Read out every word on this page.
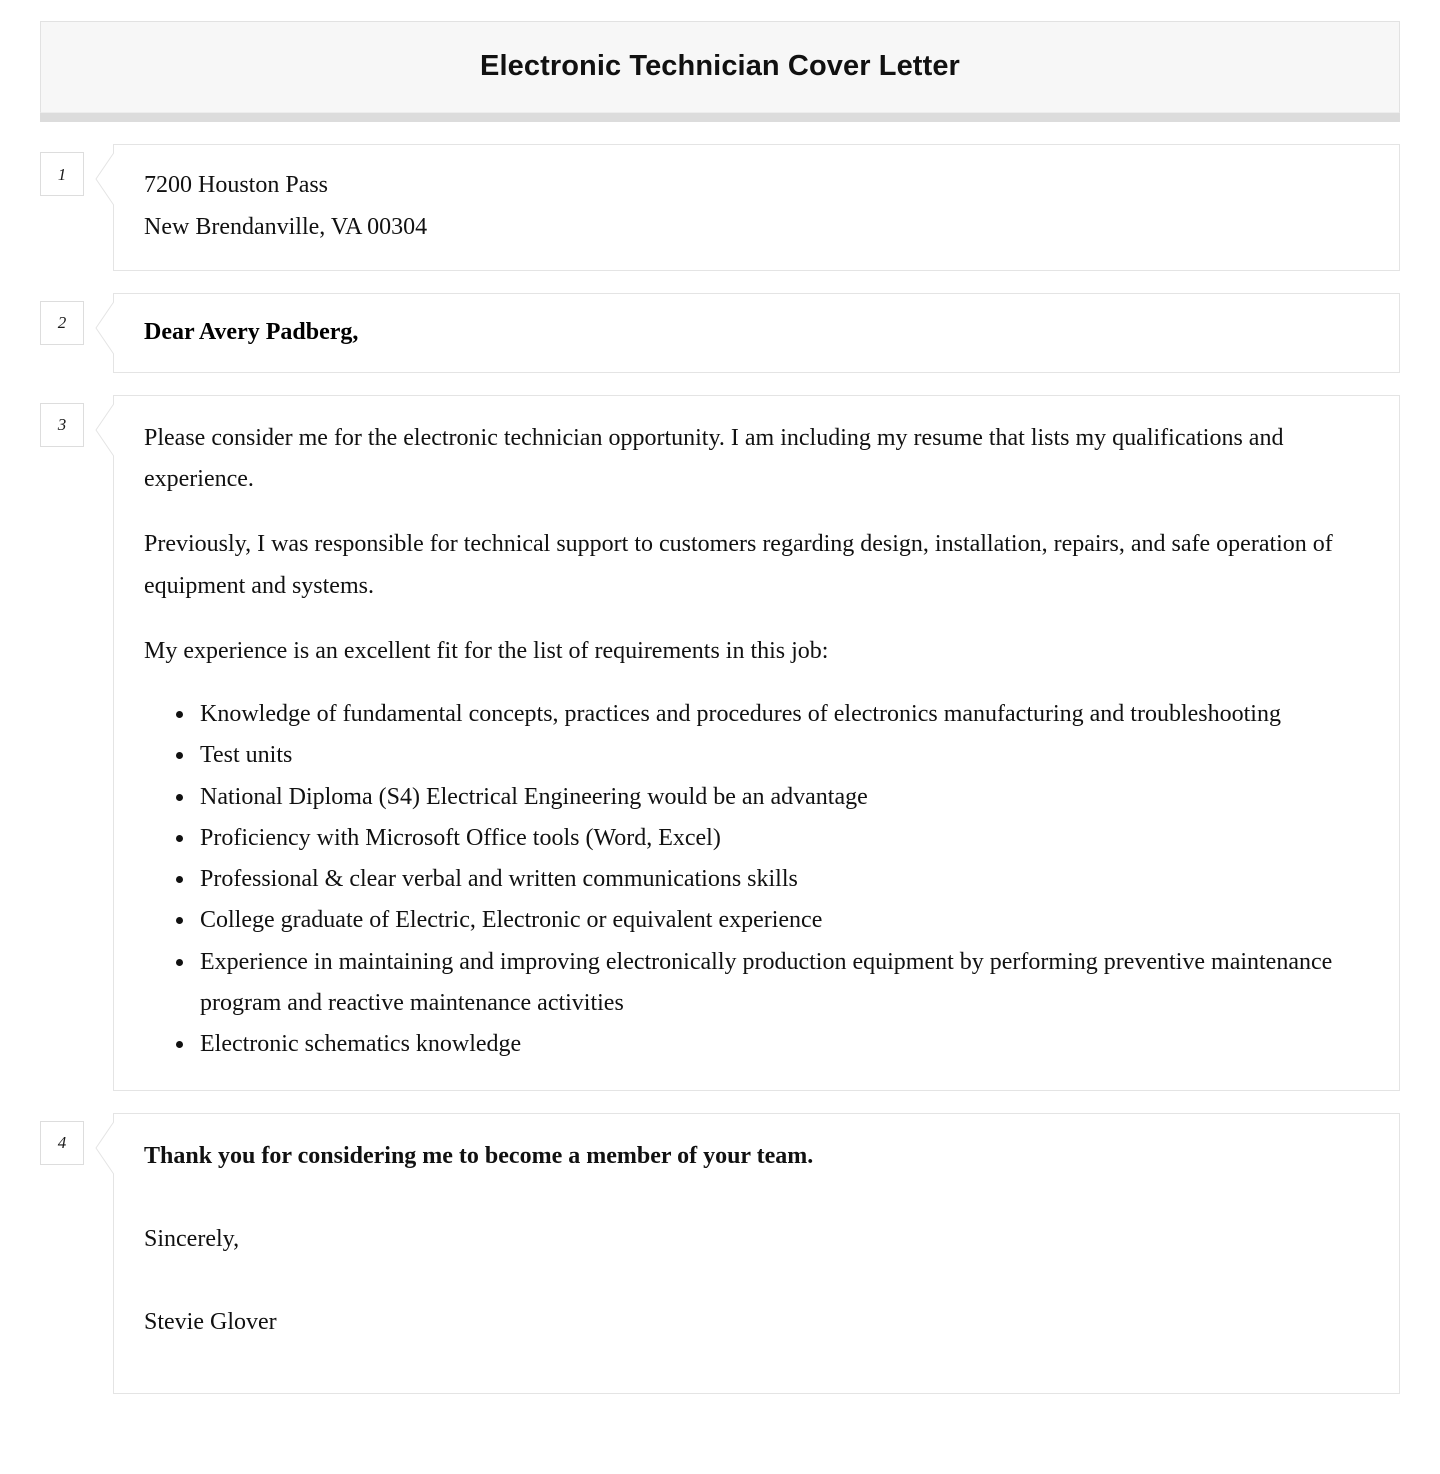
Electronic Technician Cover Letter
1	7200 Houston Pass
New Brendanville, VA 00304
2	Dear Avery Padberg,
3	Please consider me for the electronic technician opportunity. I am including my resume that lists my qualifications and experience.

Previously, I was responsible for technical support to customers regarding design, installation, repairs, and safe operation of equipment and systems.

My experience is an excellent fit for the list of requirements in this job:

• Knowledge of fundamental concepts, practices and procedures of electronics manufacturing and troubleshooting
• Test units
• National Diploma (S4) Electrical Engineering would be an advantage
• Proficiency with Microsoft Office tools (Word, Excel)
• Professional & clear verbal and written communications skills
• College graduate of Electric, Electronic or equivalent experience
• Experience in maintaining and improving electronically production equipment by performing preventive maintenance program and reactive maintenance activities
• Electronic schematics knowledge
4	Thank you for considering me to become a member of your team.

Sincerely,

Stevie Glover
